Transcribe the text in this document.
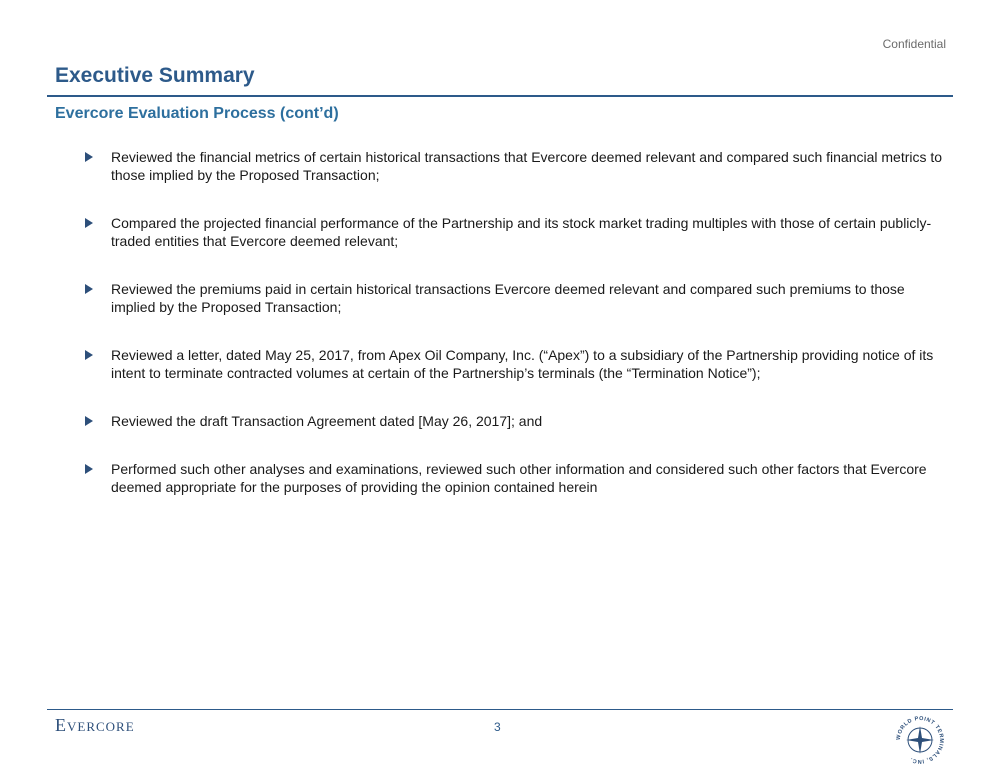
Confidential
Executive Summary
Evercore Evaluation Process (cont’d)
Reviewed the financial metrics of certain historical transactions that Evercore deemed relevant and compared such financial metrics to those implied by the Proposed Transaction;
Compared the projected financial performance of the Partnership and its stock market trading multiples with those of certain publicly-traded entities that Evercore deemed relevant;
Reviewed the premiums paid in certain historical transactions Evercore deemed relevant and compared such premiums to those implied by the Proposed Transaction;
Reviewed a letter, dated May 25, 2017, from Apex Oil Company, Inc. (“Apex”) to a subsidiary of the Partnership providing notice of its intent to terminate contracted volumes at certain of the Partnership’s terminals (the “Termination Notice”);
Reviewed the draft Transaction Agreement dated [May 26, 2017]; and
Performed such other analyses and examinations, reviewed such other information and considered such other factors that Evercore deemed appropriate for the purposes of providing the opinion contained herein
Evercore	3
WORLD POINT TERMINALS, INC.
